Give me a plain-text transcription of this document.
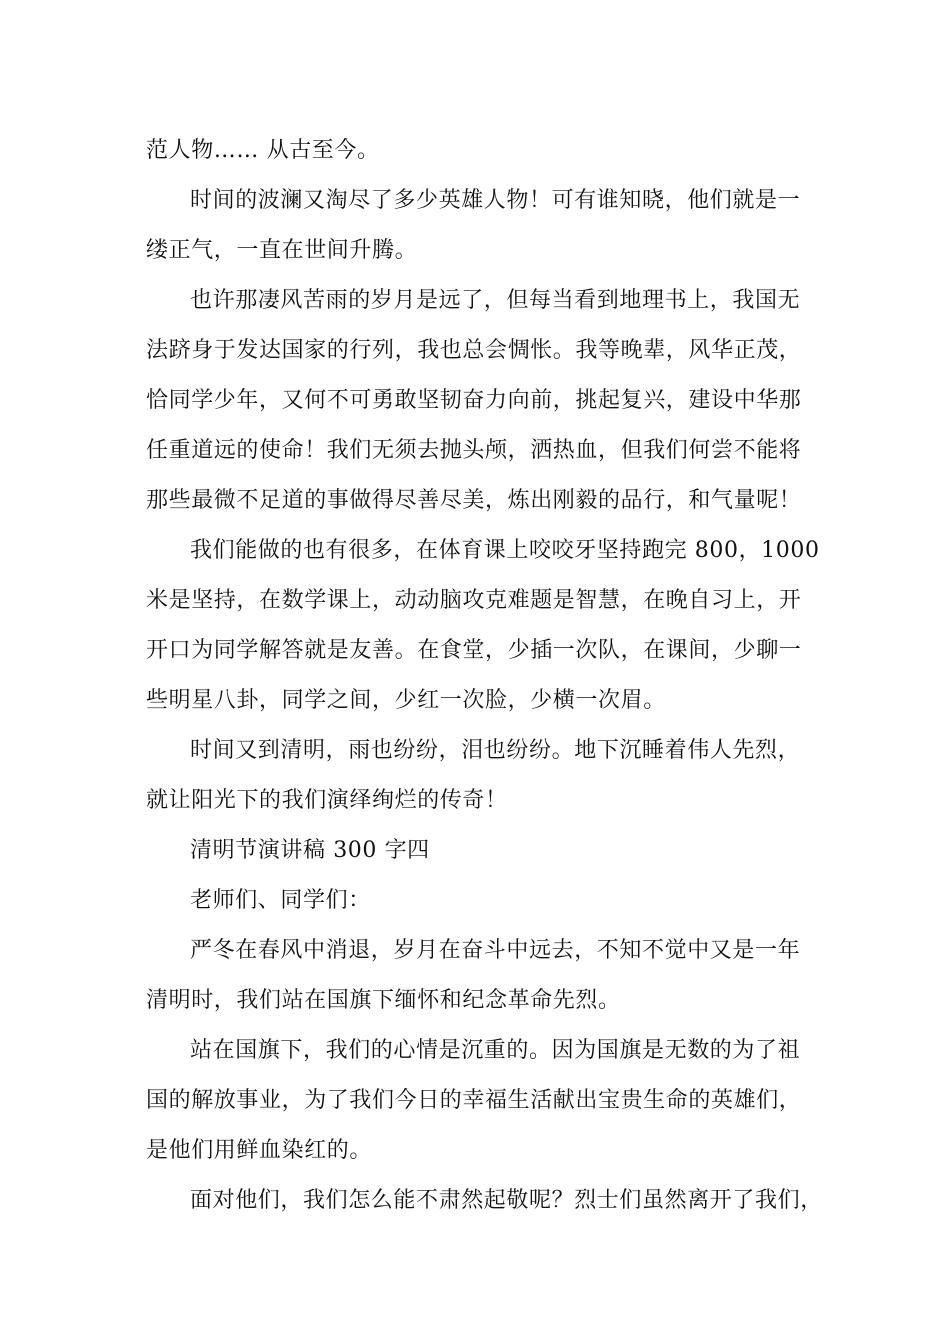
范人物…… 从古至今。
时间的波澜又淘尽了多少英雄人物！可有谁知晓，他们就是一
缕正气，一直在世间升腾。
也许那凄风苦雨的岁月是远了，但每当看到地理书上，我国无
法跻身于发达国家的行列，我也总会惆怅。我等晚辈，风华正茂，
恰同学少年，又何不可勇敢坚韧奋力向前，挑起复兴，建设中华那
任重道远的使命！我们无须去抛头颅，洒热血，但我们何尝不能将
那些最微不足道的事做得尽善尽美，炼出刚毅的品行，和气量呢！
我们能做的也有很多，在体育课上咬咬牙坚持跑完 800，1000
米是坚持，在数学课上，动动脑攻克难题是智慧，在晚自习上，开
开口为同学解答就是友善。在食堂，少插一次队，在课间，少聊一
些明星八卦，同学之间，少红一次脸，少横一次眉。
时间又到清明，雨也纷纷，泪也纷纷。地下沉睡着伟人先烈，
就让阳光下的我们演绎绚烂的传奇！
清明节演讲稿 300 字四
老师们、同学们：
严冬在春风中消退，岁月在奋斗中远去，不知不觉中又是一年
清明时，我们站在国旗下缅怀和纪念革命先烈。
站在国旗下，我们的心情是沉重的。因为国旗是无数的为了祖
国的解放事业，为了我们今日的幸福生活献出宝贵生命的英雄们，
是他们用鲜血染红的。
面对他们，我们怎么能不肃然起敬呢？烈士们虽然离开了我们，
